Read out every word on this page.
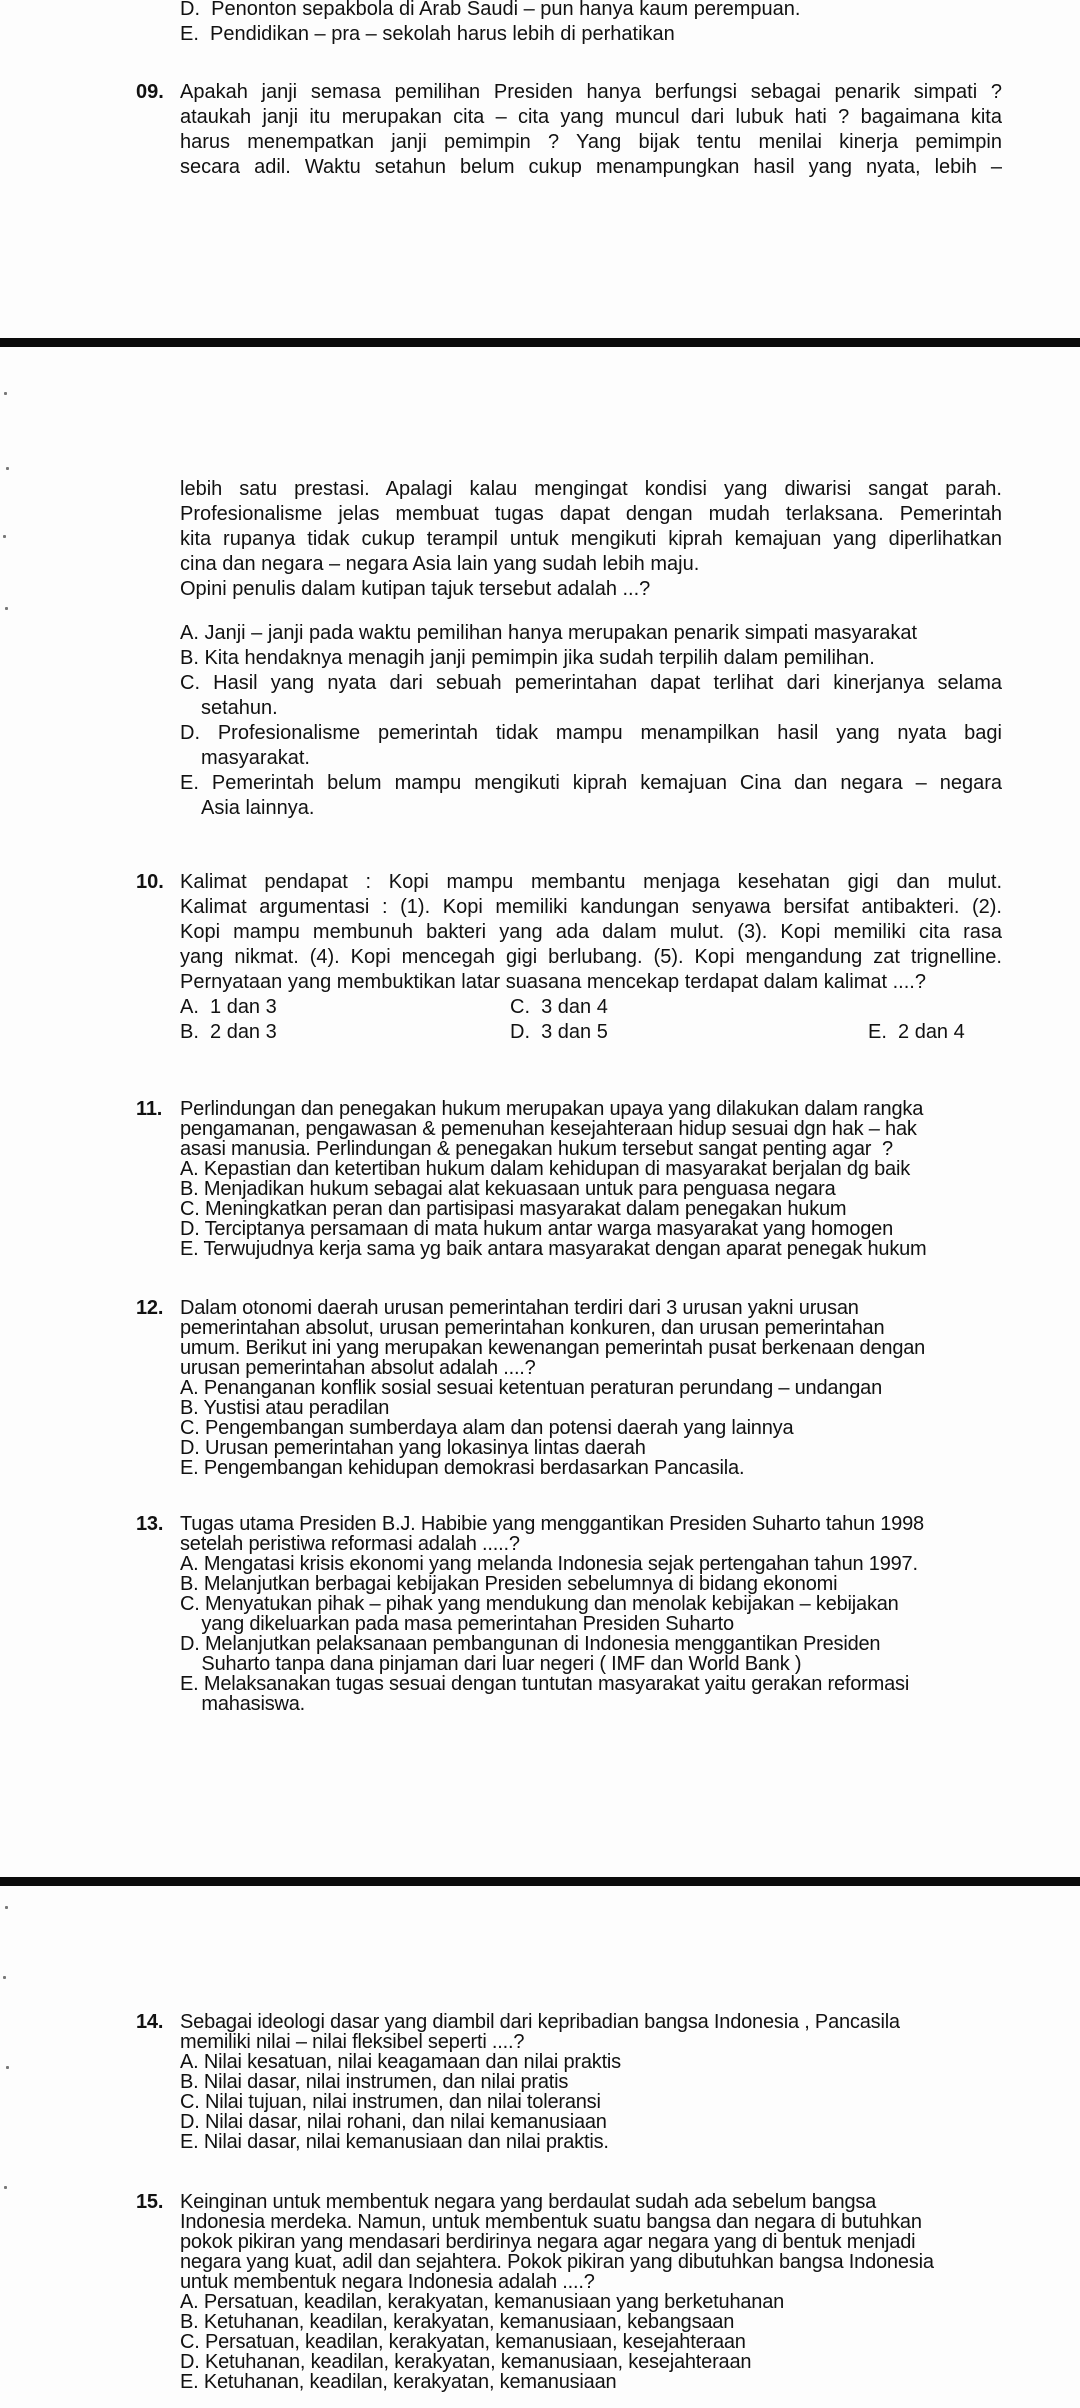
D.  Penonton sepakbola di Arab Saudi – pun hanya kaum perempuan.
E.  Pendidikan – pra – sekolah harus lebih di perhatikan
09. Apakah janji semasa pemilihan Presiden hanya berfungsi sebagai penarik simpati ?
ataukah janji itu merupakan cita – cita yang muncul dari lubuk hati ? bagaimana kita
harus menempatkan janji pemimpin ? Yang bijak tentu menilai kinerja pemimpin
secara adil. Waktu setahun belum cukup menampungkan hasil yang nyata, lebih –
lebih satu prestasi. Apalagi kalau mengingat kondisi yang diwarisi sangat parah.
Profesionalisme jelas membuat tugas dapat dengan mudah terlaksana. Pemerintah
kita rupanya tidak cukup terampil untuk mengikuti kiprah kemajuan yang diperlihatkan
cina dan negara – negara Asia lain yang sudah lebih maju.
Opini penulis dalam kutipan tajuk tersebut adalah ...?
A. Janji – janji pada waktu pemilihan hanya merupakan penarik simpati masyarakat
B. Kita hendaknya menagih janji pemimpin jika sudah terpilih dalam pemilihan.
C. Hasil yang nyata dari sebuah pemerintahan dapat terlihat dari kinerjanya selama
setahun.
D. Profesionalisme pemerintah tidak mampu menampilkan hasil yang nyata bagi
masyarakat.
E. Pemerintah belum mampu mengikuti kiprah kemajuan Cina dan negara – negara
Asia lainnya.
10. Kalimat pendapat : Kopi mampu membantu menjaga kesehatan gigi dan mulut.
Kalimat argumentasi : (1). Kopi memiliki kandungan senyawa bersifat antibakteri. (2).
Kopi mampu membunuh bakteri yang ada dalam mulut. (3). Kopi memiliki cita rasa
yang nikmat. (4). Kopi mencegah gigi berlubang. (5). Kopi mengandung zat trignelline.
Pernyataan yang membuktikan latar suasana mencekap terdapat dalam kalimat ....?
A.  1 dan 3	C.  3 dan 4
B.  2 dan 3	D.  3 dan 5	E.  2 dan 4
11. Perlindungan dan penegakan hukum merupakan upaya yang dilakukan dalam rangka
pengamanan, pengawasan & pemenuhan kesejahteraan hidup sesuai dgn hak – hak
asasi manusia. Perlindungan & penegakan hukum tersebut sangat penting agar  ?
A. Kepastian dan ketertiban hukum dalam kehidupan di masyarakat berjalan dg baik
B. Menjadikan hukum sebagai alat kekuasaan untuk para penguasa negara
C. Meningkatkan peran dan partisipasi masyarakat dalam penegakan hukum
D. Terciptanya persamaan di mata hukum antar warga masyarakat yang homogen
E. Terwujudnya kerja sama yg baik antara masyarakat dengan aparat penegak hukum
12. Dalam otonomi daerah urusan pemerintahan terdiri dari 3 urusan yakni urusan
pemerintahan absolut, urusan pemerintahan konkuren, dan urusan pemerintahan
umum. Berikut ini yang merupakan kewenangan pemerintah pusat berkenaan dengan
urusan pemerintahan absolut adalah ....?
A. Penanganan konflik sosial sesuai ketentuan peraturan perundang – undangan
B. Yustisi atau peradilan
C. Pengembangan sumberdaya alam dan potensi daerah yang lainnya
D. Urusan pemerintahan yang lokasinya lintas daerah
E. Pengembangan kehidupan demokrasi berdasarkan Pancasila.
13. Tugas utama Presiden B.J. Habibie yang menggantikan Presiden Suharto tahun 1998
setelah peristiwa reformasi adalah .....?
A. Mengatasi krisis ekonomi yang melanda Indonesia sejak pertengahan tahun 1997.
B. Melanjutkan berbagai kebijakan Presiden sebelumnya di bidang ekonomi
C. Menyatukan pihak – pihak yang mendukung dan menolak kebijakan – kebijakan
yang dikeluarkan pada masa pemerintahan Presiden Suharto
D. Melanjutkan pelaksanaan pembangunan di Indonesia menggantikan Presiden
Suharto tanpa dana pinjaman dari luar negeri ( IMF dan World Bank )
E. Melaksanakan tugas sesuai dengan tuntutan masyarakat yaitu gerakan reformasi
mahasiswa.
14. Sebagai ideologi dasar yang diambil dari kepribadian bangsa Indonesia , Pancasila
memiliki nilai – nilai fleksibel seperti ....?
A. Nilai kesatuan, nilai keagamaan dan nilai praktis
B. Nilai dasar, nilai instrumen, dan nilai pratis
C. Nilai tujuan, nilai instrumen, dan nilai toleransi
D. Nilai dasar, nilai rohani, dan nilai kemanusiaan
E. Nilai dasar, nilai kemanusiaan dan nilai praktis.
15. Keinginan untuk membentuk negara yang berdaulat sudah ada sebelum bangsa
Indonesia merdeka. Namun, untuk membentuk suatu bangsa dan negara di butuhkan
pokok pikiran yang mendasari berdirinya negara agar negara yang di bentuk menjadi
negara yang kuat, adil dan sejahtera. Pokok pikiran yang dibutuhkan bangsa Indonesia
untuk membentuk negara Indonesia adalah ....?
A. Persatuan, keadilan, kerakyatan, kemanusiaan yang berketuhanan
B. Ketuhanan, keadilan, kerakyatan, kemanusiaan, kebangsaan
C. Persatuan, keadilan, kerakyatan, kemanusiaan, kesejahteraan
D. Ketuhanan, keadilan, kerakyatan, kemanusiaan, kesejahteraan
E. Ketuhanan, keadilan, kerakyatan, kemanusiaan
